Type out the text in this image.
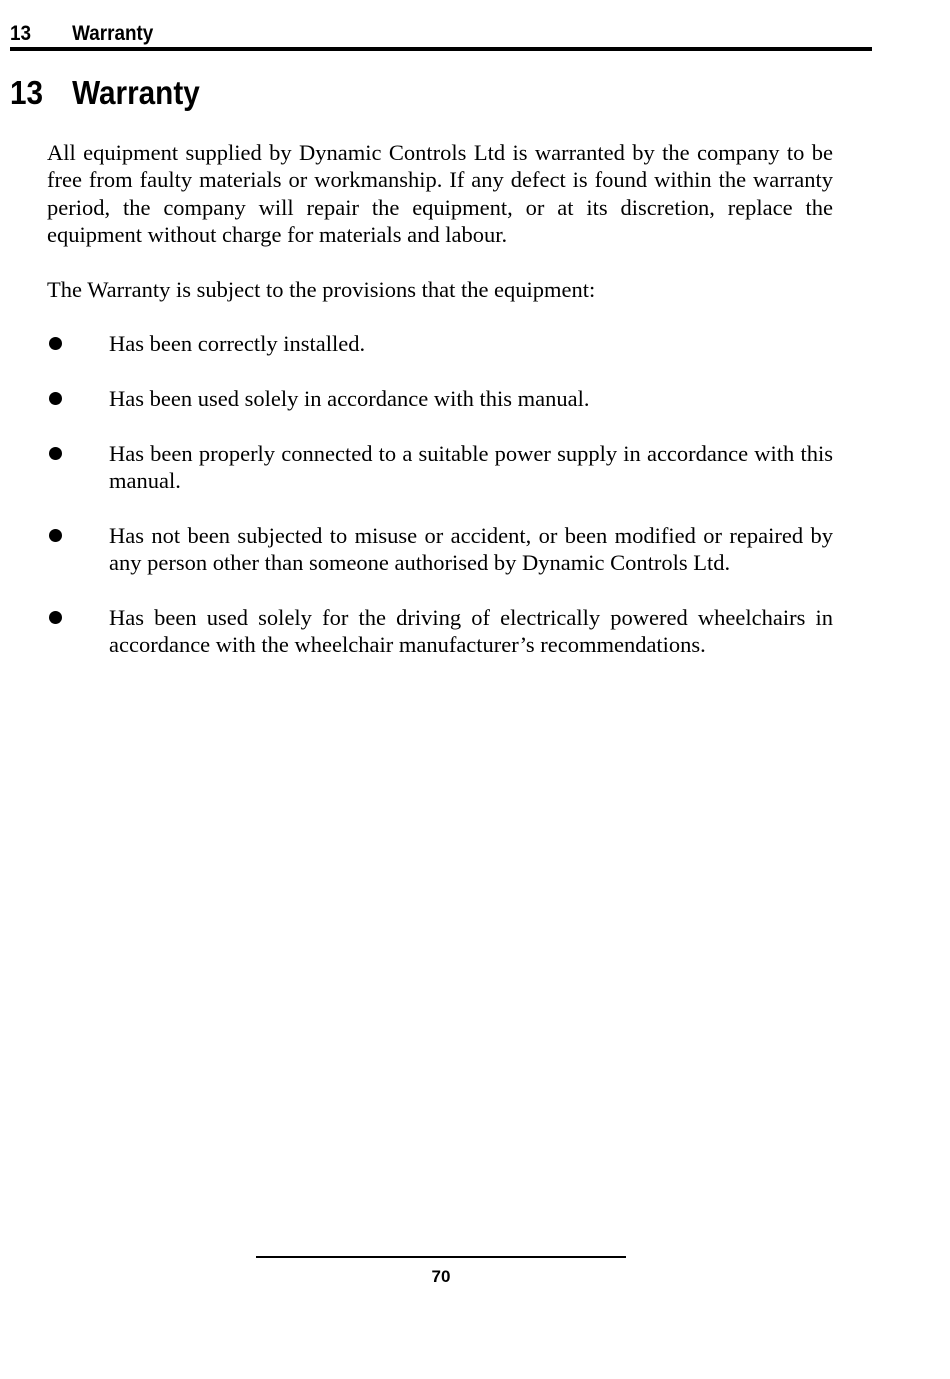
13 Warranty
13 Warranty

All equipment supplied by Dynamic Controls Ltd is warranted by the company to be free from faulty materials or workmanship. If any defect is found within the warranty period, the company will repair the equipment, or at its discretion, replace the equipment without charge for materials and labour.

The Warranty is subject to the provisions that the equipment:

Has been correctly installed.
Has been used solely in accordance with this manual.
Has been properly connected to a suitable power supply in accordance with this manual.
Has not been subjected to misuse or accident, or been modified or repaired by any person other than someone authorised by Dynamic Controls Ltd.
Has been used solely for the driving of electrically powered wheelchairs in accordance with the wheelchair manufacturer’s recommendations.
70
